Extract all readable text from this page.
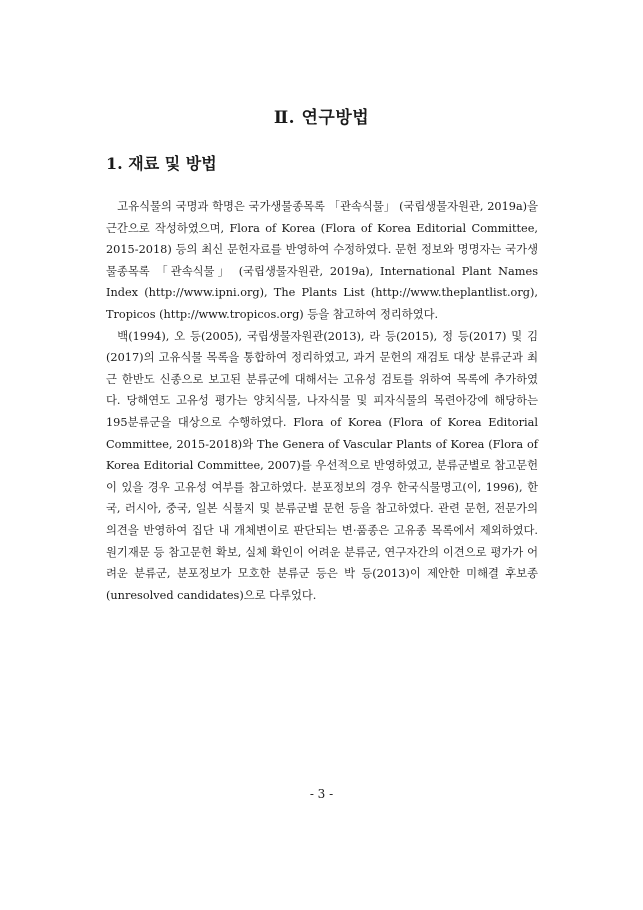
Ⅱ. 연구방법
1. 재료 및 방법

고유식물의 국명과 학명은 국가생물종목록 「관속식물」 (국립생물자원관, 2019a)을 근간으로 작성하였으며, Flora of Korea (Flora of Korea Editorial Committee, 2015-2018) 등의 최신 문헌자료를 반영하여 수정하였다. 문헌 정보와 명명자는 국가생물종목록 「관속식물」 (국립생물자원관, 2019a), International Plant Names Index (http://www.ipni.org), The Plants List (http://www.theplantlist.org), Tropicos (http://www.tropicos.org) 등을 참고하여 정리하였다.

백(1994), 오 등(2005), 국립생물자원관(2013), 라 등(2015), 정 등(2017) 및 김(2017)의 고유식물 목록을 통합하여 정리하였고, 과거 문헌의 재검토 대상 분류군과 최근 한반도 신종으로 보고된 분류군에 대해서는 고유성 검토를 위하여 목록에 추가하였다. 당해연도 고유성 평가는 양치식물, 나자식물 및 피자식물의 목련아강에 해당하는 195분류군을 대상으로 수행하였다. Flora of Korea (Flora of Korea Editorial Committee, 2015-2018)와 The Genera of Vascular Plants of Korea (Flora of Korea Editorial Committee, 2007)를 우선적으로 반영하였고, 분류군별로 참고문헌이 있을 경우 고유성 여부를 참고하였다. 분포정보의 경우 한국식물명고(이, 1996), 한국, 러시아, 중국, 일본 식물지 및 분류군별 문헌 등을 참고하였다. 관련 문헌, 전문가의 의견을 반영하여 집단 내 개체변이로 판단되는 변·품종은 고유종 목록에서 제외하였다. 원기재문 등 참고문헌 확보, 실체 확인이 어려운 분류군, 연구자간의 이견으로 평가가 어려운 분류군, 분포정보가 모호한 분류군 등은 박 등(2013)이 제안한 미해결 후보종(unresolved candidates)으로 다루었다.

- 3 -
